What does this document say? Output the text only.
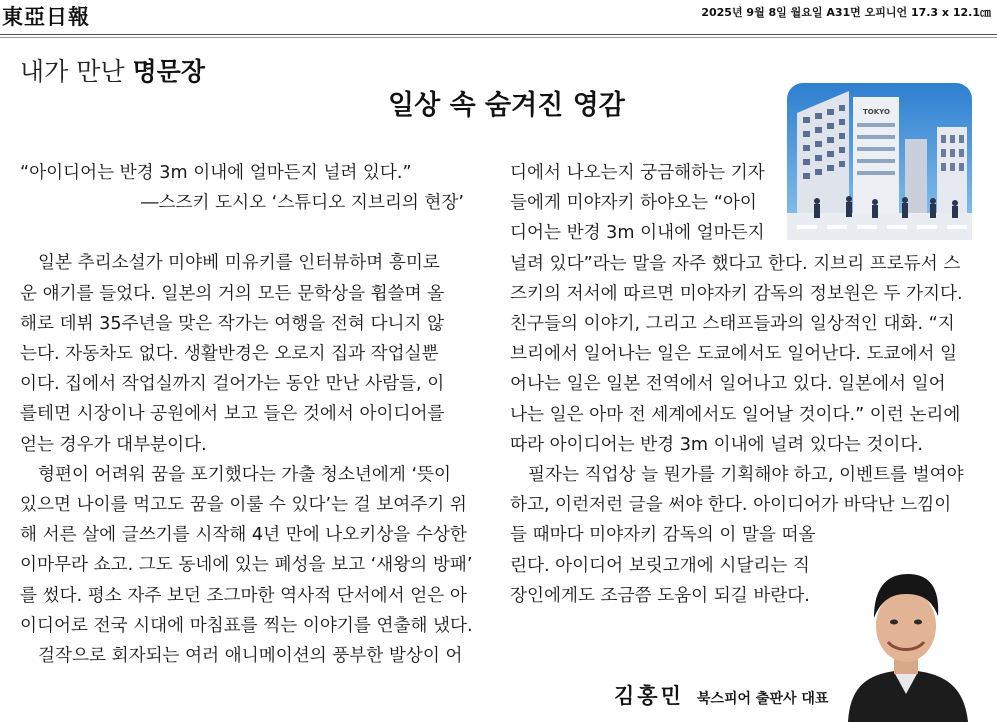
東亞日報	2025년 9월 8일 월요일 A31면 오피니언 17.3 x 12.1㎝
내가 만난 명문장
일상 속 숨겨진 영감	TOKYO

“아이디어는 반경 3m 이내에 얼마든지 널려 있다.”

―스즈키 도시오 ‘스튜디오 지브리의 현장’

일본 추리소설가 미야베 미유키를 인터뷰하며 흥미로
운 얘기를 들었다. 일본의 거의 모든 문학상을 휩쓸며 올
해로 데뷔 35주년을 맞은 작가는 여행을 전혀 다니지 않
는다. 자동차도 없다. 생활반경은 오로지 집과 작업실뿐
이다. 집에서 작업실까지 걸어가는 동안 만난 사람들, 이
를테면 시장이나 공원에서 보고 들은 것에서 아이디어를
얻는 경우가 대부분이다.

형편이 어려워 꿈을 포기했다는 가출 청소년에게 ‘뜻이
있으면 나이를 먹고도 꿈을 이룰 수 있다’는 걸 보여주기 위
해 서른 살에 글쓰기를 시작해 4년 만에 나오키상을 수상한
이마무라 쇼고. 그도 동네에 있는 폐성을 보고 ‘새왕의 방패’
를 썼다. 평소 자주 보던 조그마한 역사적 단서에서 얻은 아
이디어로 전국 시대에 마침표를 찍는 이야기를 연출해 냈다.

걸작으로 회자되는 여러 애니메이션의 풍부한 발상이 어

디에서 나오는지 궁금해하는 기자
들에게 미야자키 하야오는 “아이
디어는 반경 3m 이내에 얼마든지
널려 있다”라는 말을 자주 했다고 한다. 지브리 프로듀서 스
즈키의 저서에 따르면 미야자키 감독의 정보원은 두 가지다.
친구들의 이야기, 그리고 스태프들과의 일상적인 대화. “지
브리에서 일어나는 일은 도쿄에서도 일어난다. 도쿄에서 일
어나는 일은 일본 전역에서 일어나고 있다. 일본에서 일어
나는 일은 아마 전 세계에서도 일어날 것이다.” 이런 논리에
따라 아이디어는 반경 3m 이내에 널려 있다는 것이다.

필자는 직업상 늘 뭔가를 기획해야 하고, 이벤트를 벌여야
하고, 이런저런 글을 써야 한다. 아이디어가 바닥난 느낌이
들 때마다 미야자키 감독의 이 말을 떠올
린다. 아이디어 보릿고개에 시달리는 직
장인에게도 조금쯤 도움이 되길 바란다.

김홍민 북스피어 출판사 대표
